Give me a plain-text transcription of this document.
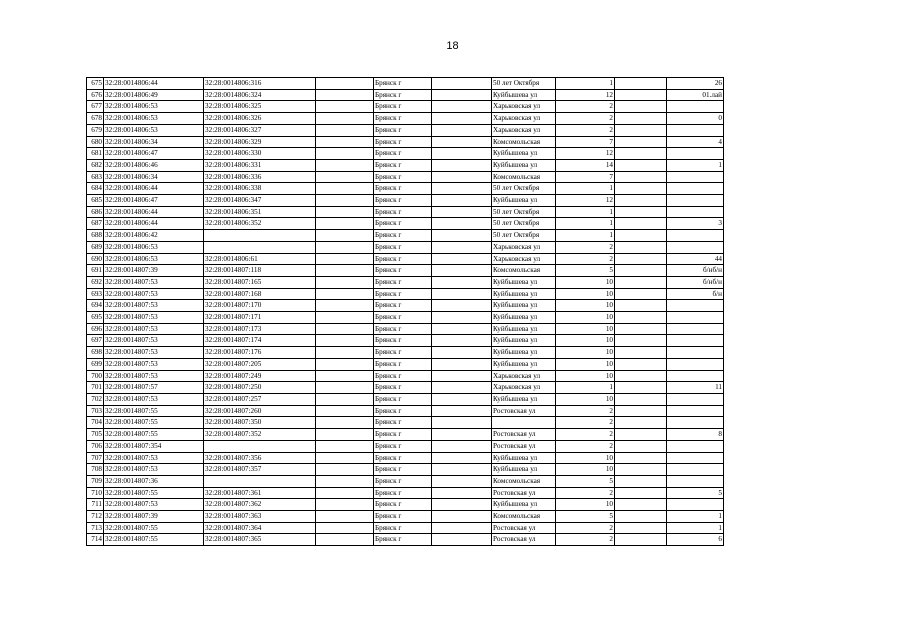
18
675	32:28:0014806:44	32:28:0014806:316		Брянск г		50 лет Октября	1		26
676	32:28:0014806:49	32:28:0014806:324		Брянск г		Куйбышева ул	12		01.лай
677	32:28:0014806:53	32:28:0014806:325		Брянск г		Харьковская ул	2		
678	32:28:0014806:53	32:28:0014806:326		Брянск г		Харьковская ул	2		0
679	32:28:0014806:53	32:28:0014806:327		Брянск г		Харьковская ул	2		
680	32:28:0014806:34	32:28:0014806:329		Брянск г		Комсомольская	7		4
681	32:28:0014806:47	32:28:0014806:330		Брянск г		Куйбышева ул	12		
682	32:28:0014806:46	32:28:0014806:331		Брянск г		Куйбышева ул	14		1
683	32:28:0014806:34	32:28:0014806:336		Брянск г		Комсомольская	7		
684	32:28:0014806:44	32:28:0014806:338		Брянск г		50 лет Октября	1		
685	32:28:0014806:47	32:28:0014806:347		Брянск г		Куйбышева ул	12		
686	32:28:0014806:44	32:28:0014806:351		Брянск г		50 лет Октября	1		
687	32:28:0014806:44	32:28:0014806:352		Брянск г		50 лет Октября	1		3
688	32:28:0014806:42			Брянск г		50 лет Октября	1		
689	32:28:0014806:53			Брянск г		Харьковская ул	2		
690	32:28:0014806:53	32:28:0014806:61		Брянск г		Харьковская ул	2		44
691	32:28:0014807:39	32:28:0014807:118		Брянск г		Комсомольская	5		б/нб/н
692	32:28:0014807:53	32:28:0014807:165		Брянск г		Куйбышева ул	10		б/нб/н
693	32:28:0014807:53	32:28:0014807:168		Брянск г		Куйбышева ул	10		б/н
694	32:28:0014807:53	32:28:0014807:170		Брянск г		Куйбышева ул	10		
695	32:28:0014807:53	32:28:0014807:171		Брянск г		Куйбышева ул	10		
696	32:28:0014807:53	32:28:0014807:173		Брянск г		Куйбышева ул	10		
697	32:28:0014807:53	32:28:0014807:174		Брянск г		Куйбышева ул	10		
698	32:28:0014807:53	32:28:0014807:176		Брянск г		Куйбышева ул	10		
699	32:28:0014807:53	32:28:0014807:205		Брянск г		Куйбышева ул	10		
700	32:28:0014807:53	32:28:0014807:249		Брянск г		Харьковская ул	10		
701	32:28:0014807:57	32:28:0014807:250		Брянск г		Харьковская ул	1		11
702	32:28:0014807:53	32:28:0014807:257		Брянск г		Куйбышева ул	10		
703	32:28:0014807:55	32:28:0014807:260		Брянск г		Ростовская ул	2		
704	32:28:0014807:55	32:28:0014807:350		Брянск г			2		
705	32:28:0014807:55	32:28:0014807:352		Брянск г		Ростовская ул	2		8
706	32:28:0014807:354			Брянск г		Ростовская ул	2		
707	32:28:0014807:53	32:28:0014807:356		Брянск г		Куйбышева ул	10		
708	32:28:0014807:53	32:28:0014807:357		Брянск г		Куйбышева ул	10		
709	32:28:0014807:36			Брянск г		Комсомольская	5		
710	32:28:0014807:55	32:28:0014807:361		Брянск г		Ростовская ул	2		5
711	32:28:0014807:53	32:28:0014807:362		Брянск г		Куйбышева ул	10		
712	32:28:0014807:39	32:28:0014807:363		Брянск г		Комсомольская	5		1
713	32:28:0014807:55	32:28:0014807:364		Брянск г		Ростовская ул	2		1
714	32:28:0014807:55	32:28:0014807:365		Брянск г		Ростовская ул	2		6
